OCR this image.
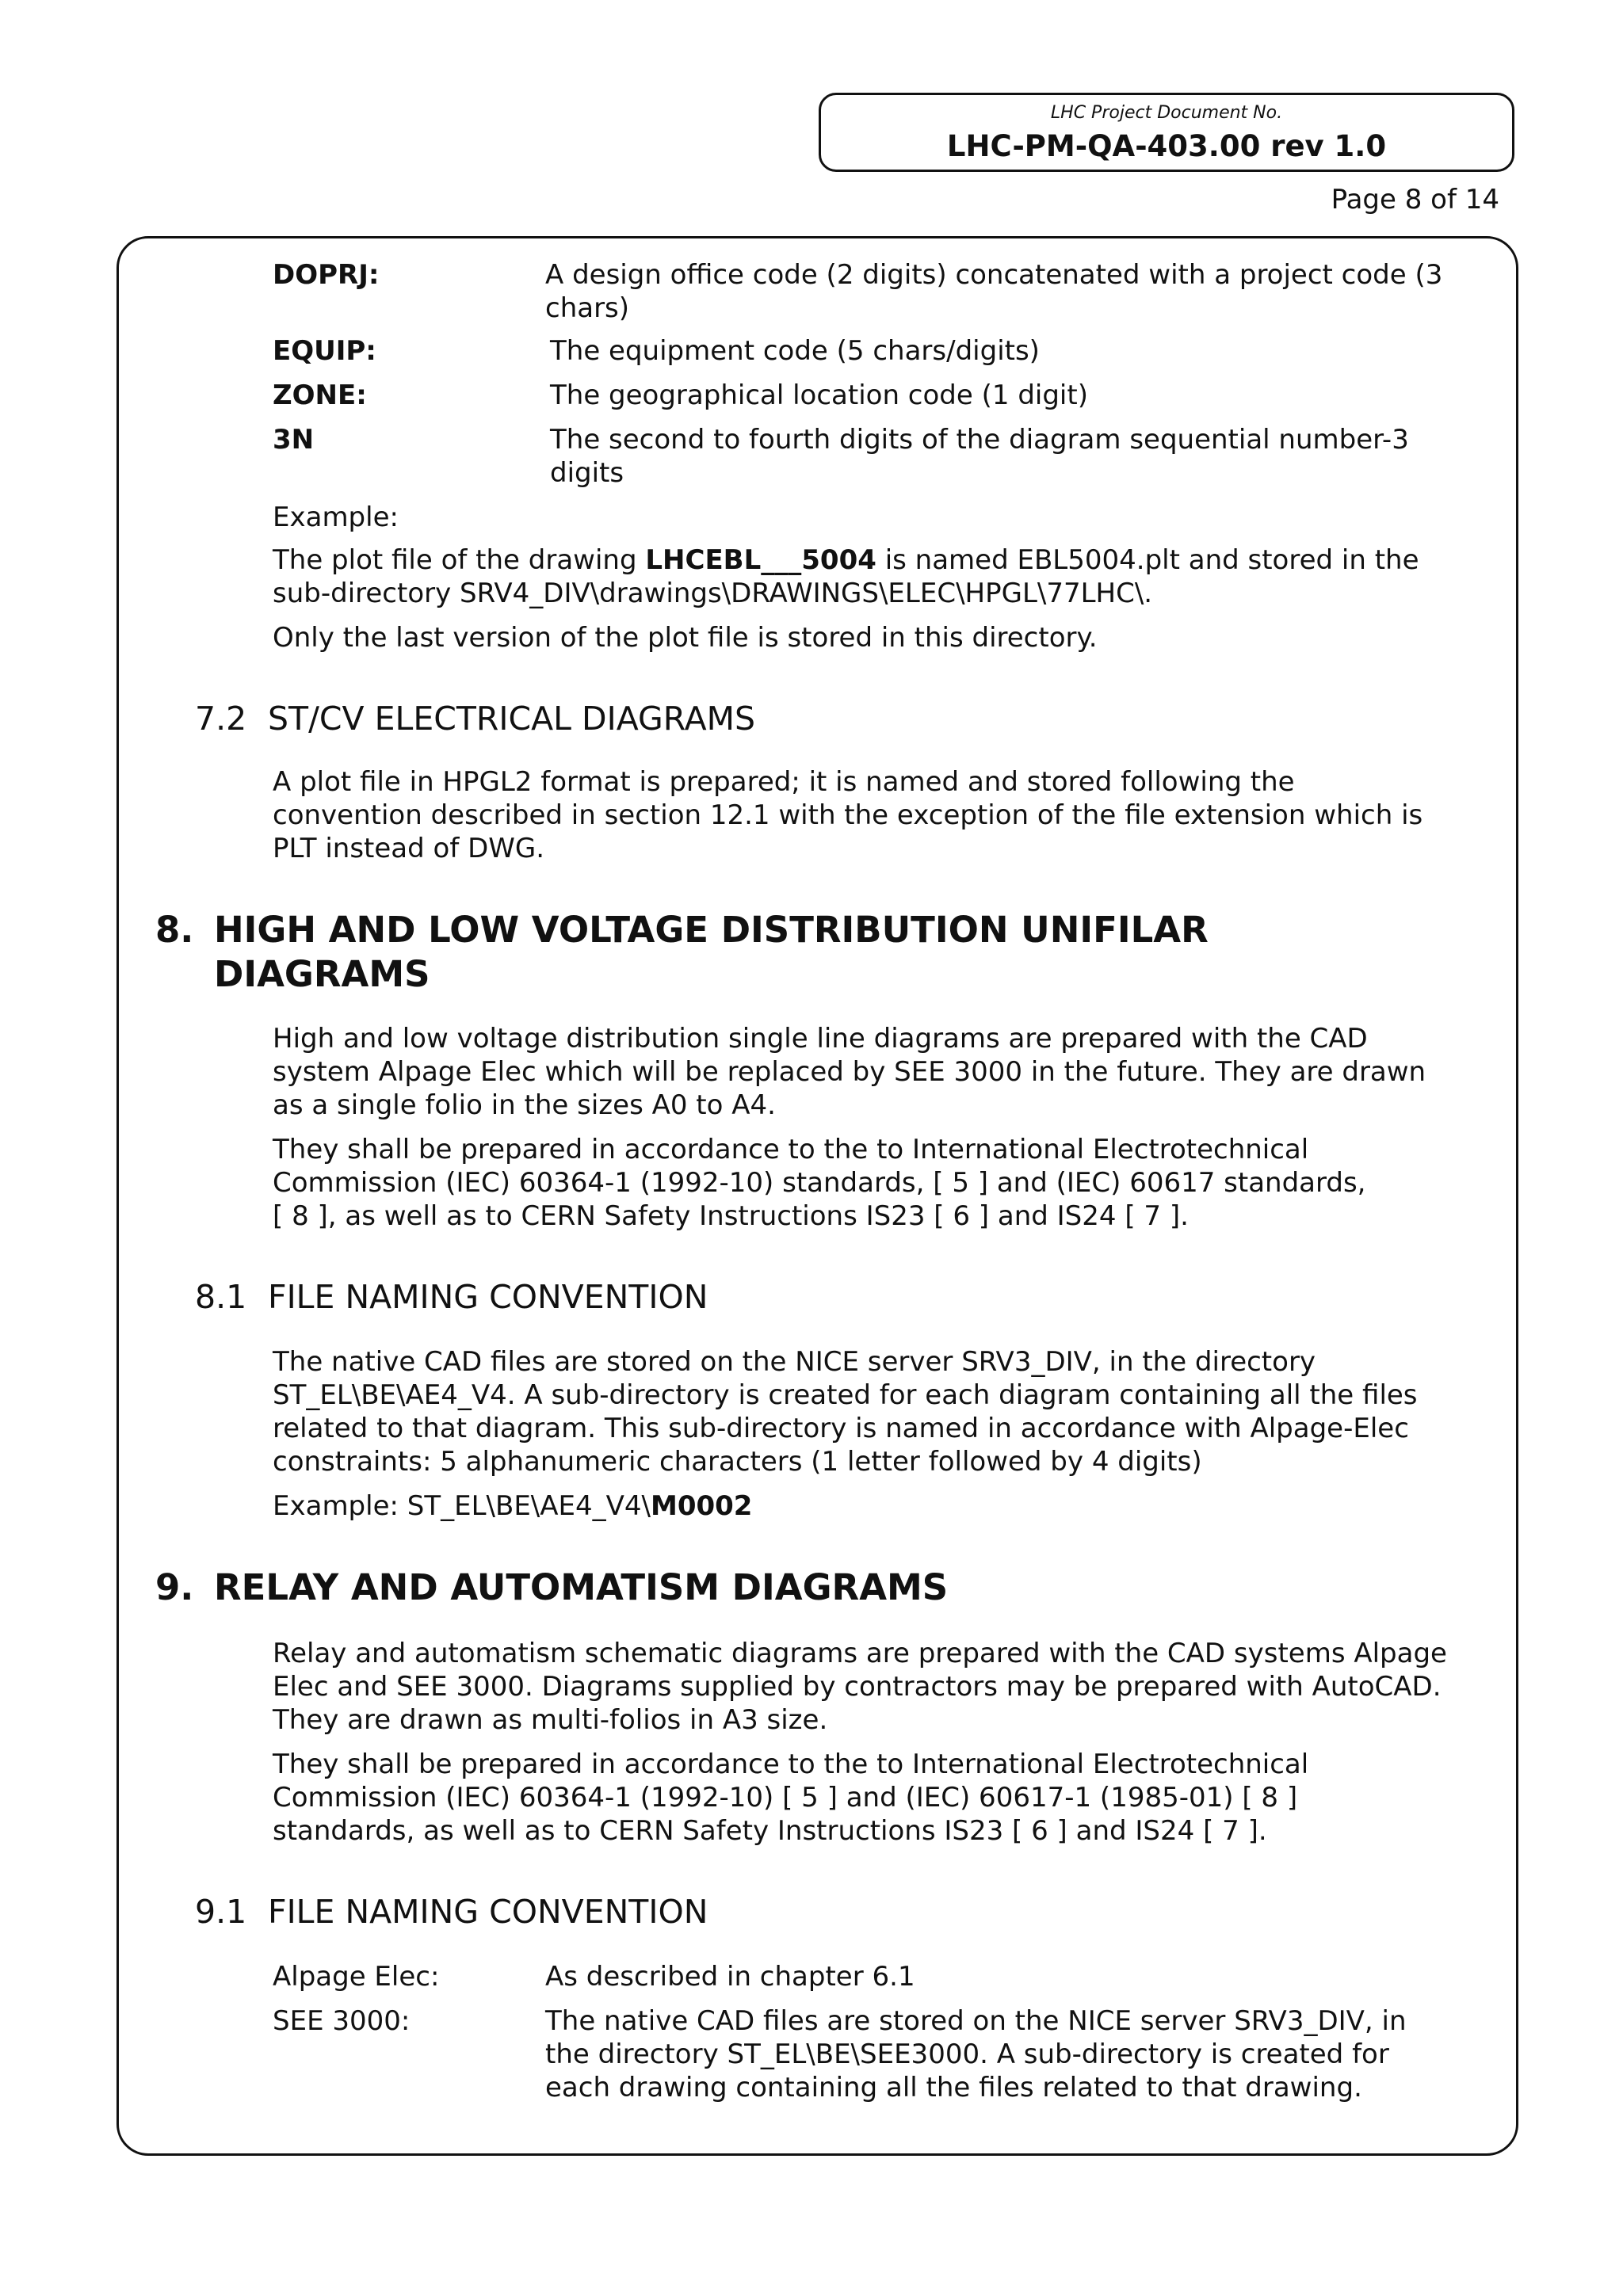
LHC Project Document No.
LHC-PM-QA-403.00 rev 1.0
Page 8 of 14
DOPRJ:	A design office code (2 digits) concatenated with a project code (3
chars)
EQUIP:	The equipment code (5 chars/digits)
ZONE:	The geographical location code (1 digit)
3N	The second to fourth digits of the diagram sequential number-3
digits
Example:
The plot file of the drawing LHCEBL___5004 is named EBL5004.plt and stored in the
sub-directory SRV4_DIV\drawings\DRAWINGS\ELEC\HPGL\77LHC\.
Only the last version of the plot file is stored in this directory.
7.2 ST/CV ELECTRICAL DIAGRAMS
A plot file in HPGL2 format is prepared; it is named and stored following the
convention described in section 12.1 with the exception of the file extension which is
PLT instead of DWG.
8. HIGH AND LOW VOLTAGE DISTRIBUTION UNIFILAR
DIAGRAMS
High and low voltage distribution single line diagrams are prepared with the CAD
system Alpage Elec which will be replaced by SEE 3000 in the future. They are drawn
as a single folio in the sizes A0 to A4.
They shall be prepared in accordance to the to International Electrotechnical
Commission (IEC) 60364-1 (1992-10) standards, [ 5 ] and (IEC) 60617 standards,
[ 8 ], as well as to CERN Safety Instructions IS23 [ 6 ] and IS24 [ 7 ].
8.1 FILE NAMING CONVENTION
The native CAD files are stored on the NICE server SRV3_DIV, in the directory
ST_EL\BE\AE4_V4. A sub-directory is created for each diagram containing all the files
related to that diagram. This sub-directory is named in accordance with Alpage-Elec
constraints: 5 alphanumeric characters (1 letter followed by 4 digits)
Example: ST_EL\BE\AE4_V4\M0002
9. RELAY AND AUTOMATISM DIAGRAMS
Relay and automatism schematic diagrams are prepared with the CAD systems Alpage
Elec and SEE 3000. Diagrams supplied by contractors may be prepared with AutoCAD.
They are drawn as multi-folios in A3 size.
They shall be prepared in accordance to the to International Electrotechnical
Commission (IEC) 60364-1 (1992-10) [ 5 ] and (IEC) 60617-1 (1985-01) [ 8 ]
standards, as well as to CERN Safety Instructions IS23 [ 6 ] and IS24 [ 7 ].
9.1 FILE NAMING CONVENTION
Alpage Elec:	As described in chapter 6.1
SEE 3000:	The native CAD files are stored on the NICE server SRV3_DIV, in
the directory ST_EL\BE\SEE3000. A sub-directory is created for
each drawing containing all the files related to that drawing.
